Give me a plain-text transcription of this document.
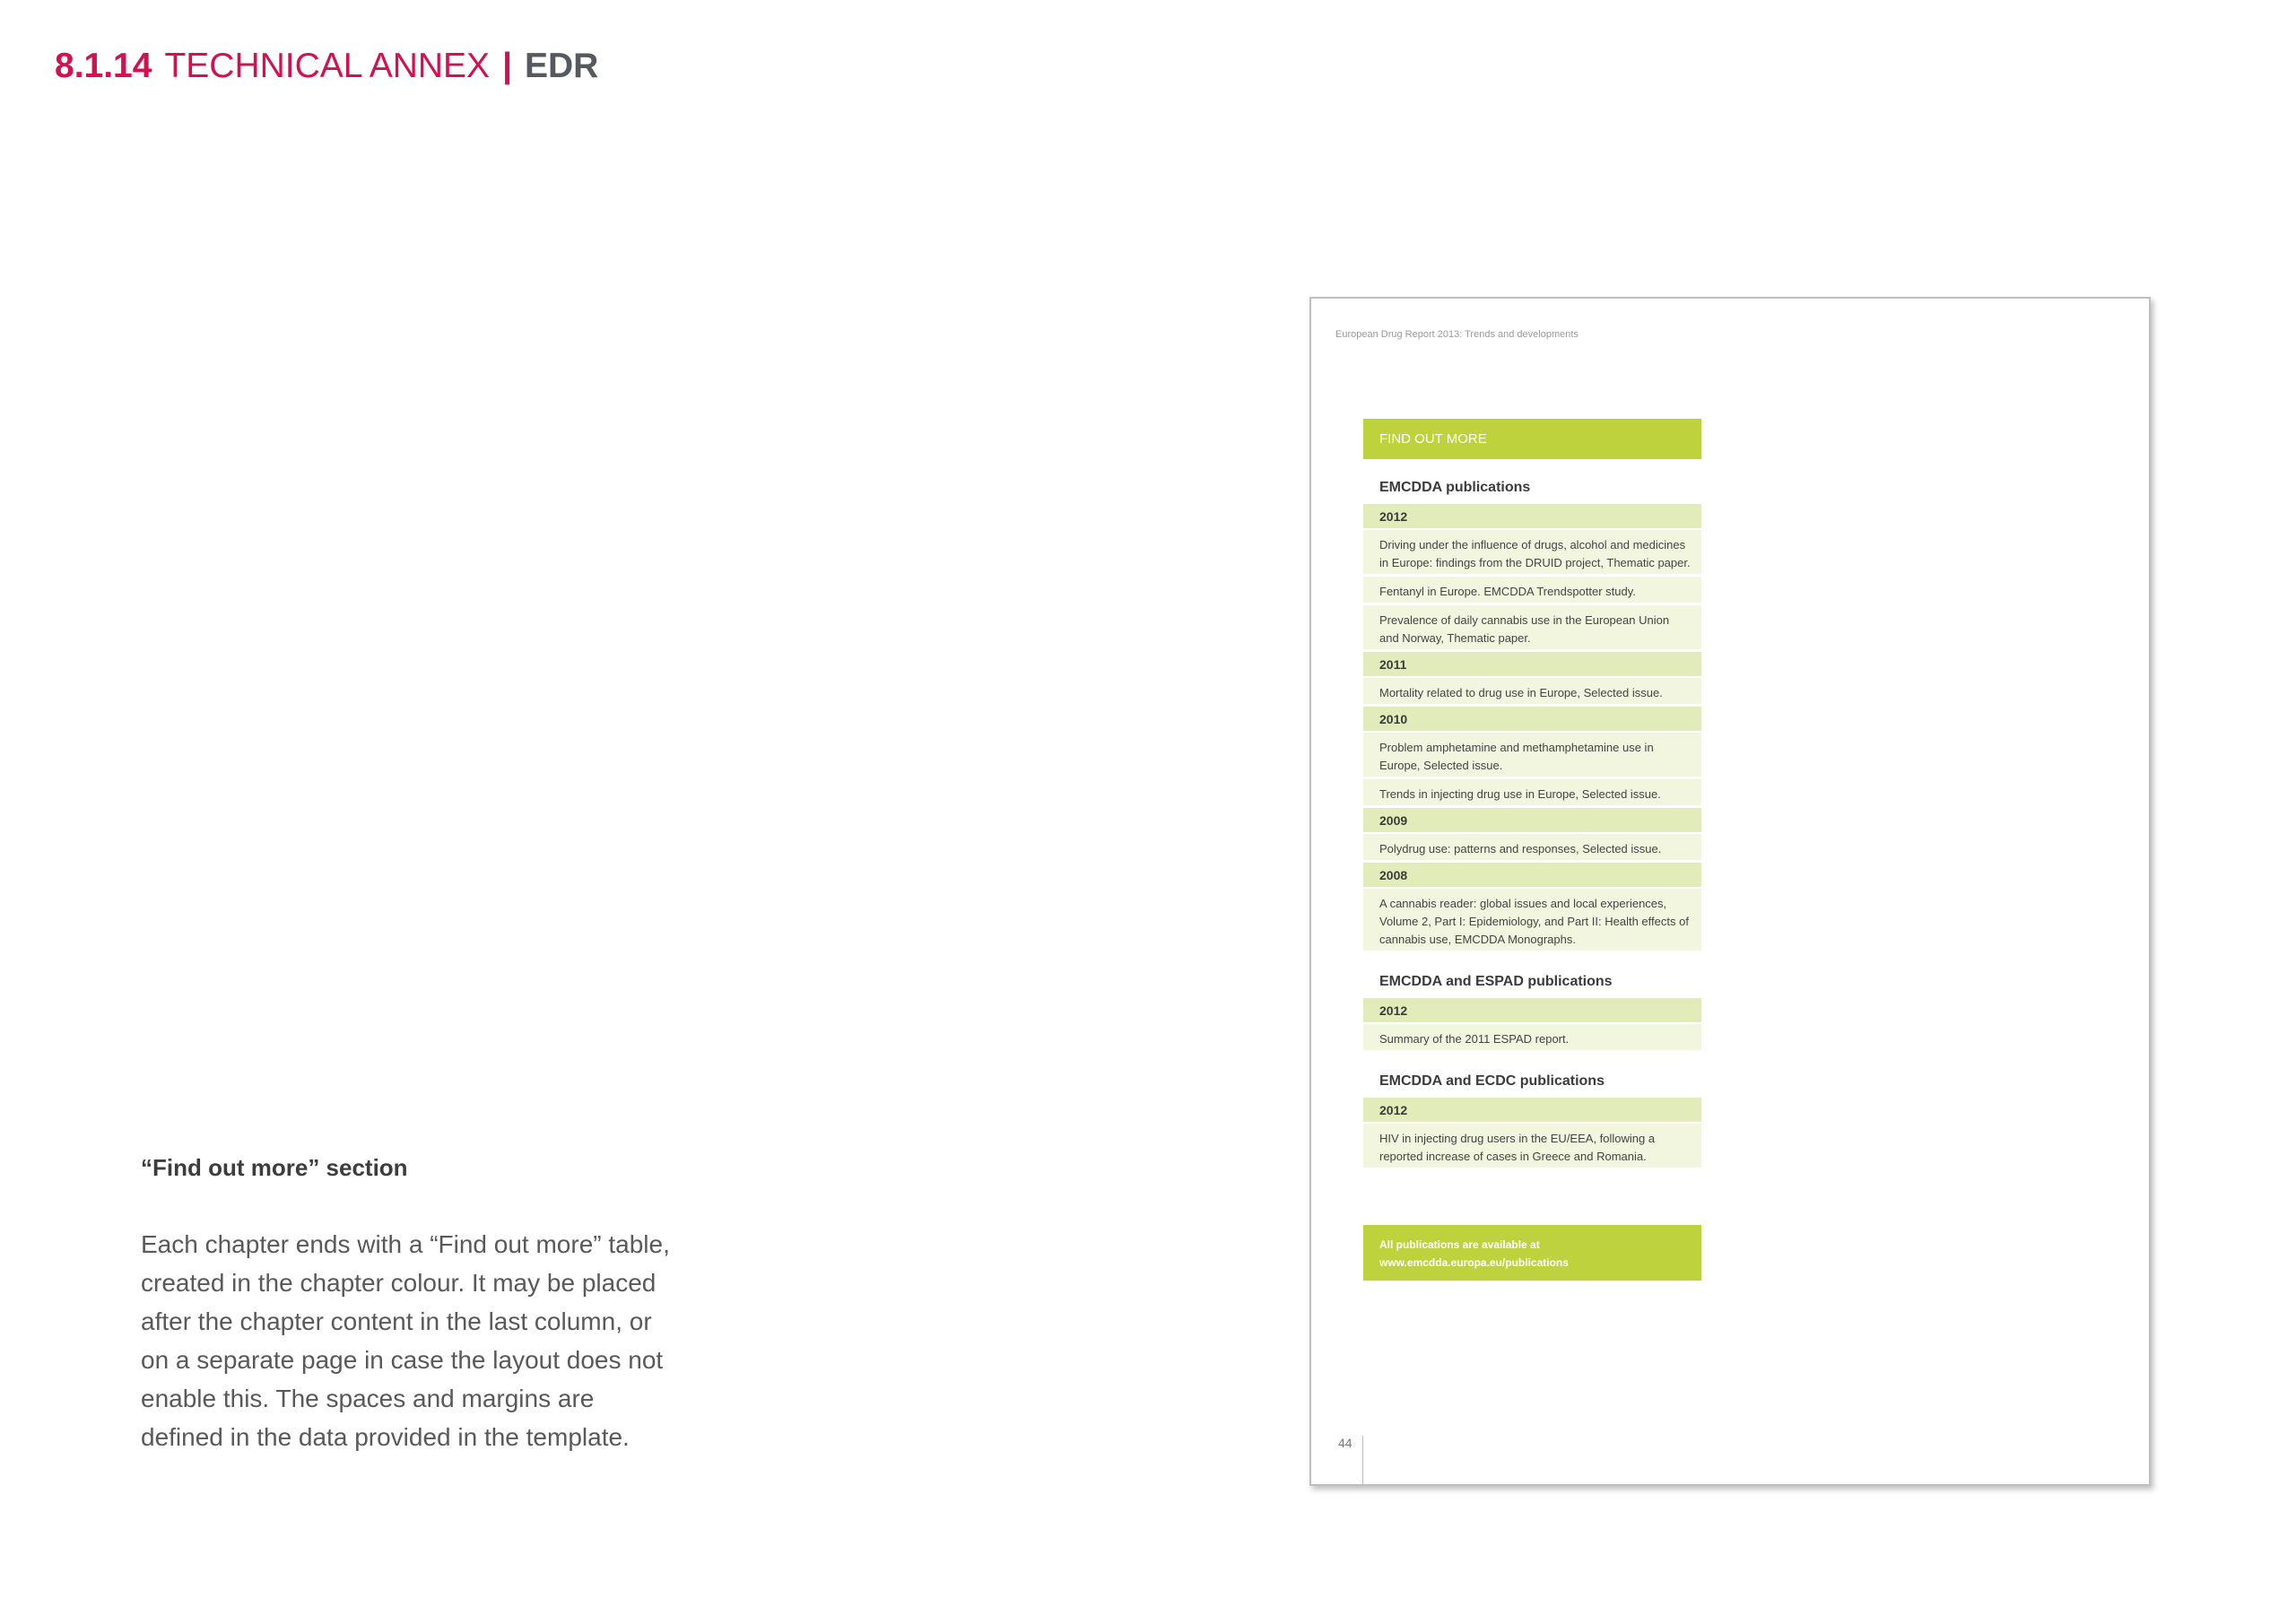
8.1.14 TECHNICAL ANNEX | EDR
“Find out more” section
Each chapter ends with a “Find out more” table, created in the chapter colour. It may be placed after the chapter content in the last column, or on a separate page in case the layout does not enable this. The spaces and margins are defined in the data provided in the template.
European Drug Report 2013: Trends and developments
FIND OUT MORE
EMCDDA publications
2012
Driving under the influence of drugs, alcohol and medicines in Europe: findings from the DRUID project, Thematic paper.
Fentanyl in Europe. EMCDDA Trendspotter study.
Prevalence of daily cannabis use in the European Union and Norway, Thematic paper.
2011
Mortality related to drug use in Europe, Selected issue.
2010
Problem amphetamine and methamphetamine use in Europe, Selected issue.
Trends in injecting drug use in Europe, Selected issue.
2009
Polydrug use: patterns and responses, Selected issue.
2008
A cannabis reader: global issues and local experiences, Volume 2, Part I: Epidemiology, and Part II: Health effects of cannabis use, EMCDDA Monographs.
EMCDDA and ESPAD publications
2012
Summary of the 2011 ESPAD report.
EMCDDA and ECDC publications
2012
HIV in injecting drug users in the EU/EEA, following a reported increase of cases in Greece and Romania.
All publications are available at
www.emcdda.europa.eu/publications
44
